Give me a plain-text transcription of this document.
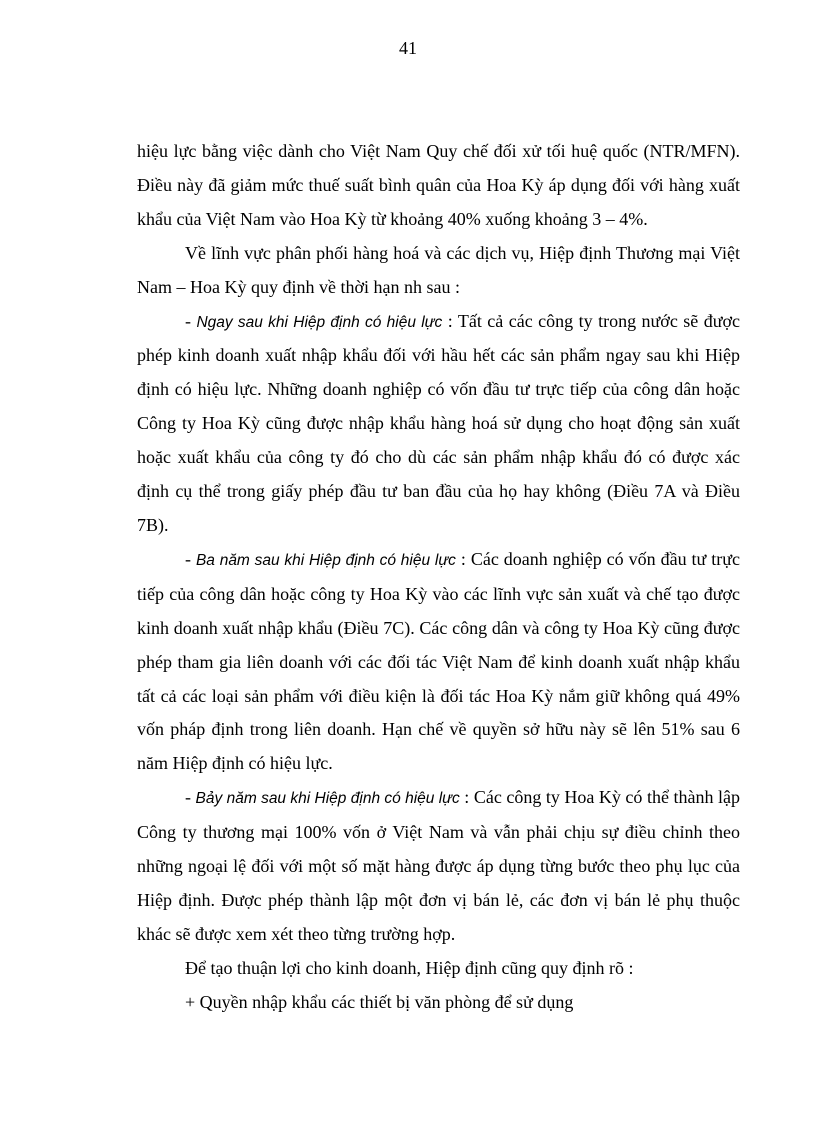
41

hiệu lực bằng việc dành cho Việt Nam Quy chế đối xử tối huệ quốc (NTR/MFN). Điều này đã giảm mức thuế suất bình quân của Hoa Kỳ áp dụng đối với hàng xuất khẩu của Việt Nam vào Hoa Kỳ từ khoảng 40% xuống khoảng 3 – 4%.

Về lĩnh vực phân phối hàng hoá và các dịch vụ, Hiệp định Thương mại Việt Nam – Hoa Kỳ quy định về thời hạn nh sau :

- Ngay sau khi Hiệp định có hiệu lực : Tất cả các công ty trong nước sẽ được phép kinh doanh xuất nhập khẩu đối với hầu hết các sản phẩm ngay sau khi Hiệp định có hiệu lực. Những doanh nghiệp có vốn đầu tư trực tiếp của công dân hoặc Công ty Hoa Kỳ cũng được nhập khẩu hàng hoá sử dụng cho hoạt động sản xuất hoặc xuất khẩu của công ty đó cho dù các sản phẩm nhập khẩu đó có được xác định cụ thể trong giấy phép đầu tư ban đầu của họ hay không (Điều 7A và Điều 7B).

- Ba năm sau khi Hiệp định có hiệu lực : Các doanh nghiệp có vốn đầu tư trực tiếp của công dân hoặc công ty Hoa Kỳ vào các lĩnh vực sản xuất và chế tạo được kinh doanh xuất nhập khẩu (Điều 7C). Các công dân và công ty Hoa Kỳ cũng được phép tham gia liên doanh với các đối tác Việt Nam để kinh doanh xuất nhập khẩu tất cả các loại sản phẩm với điều kiện là đối tác Hoa Kỳ nắm giữ không quá 49% vốn pháp định trong liên doanh. Hạn chế về quyền sở hữu này sẽ lên 51% sau 6 năm Hiệp định có hiệu lực.

- Bảy năm sau khi Hiệp định có hiệu lực : Các công ty Hoa Kỳ có thể thành lập Công ty thương mại 100% vốn ở Việt Nam và vẫn phải chịu sự điều chỉnh theo những ngoại lệ đối với một số mặt hàng được áp dụng từng bước theo phụ lục của Hiệp định. Được phép thành lập một đơn vị bán lẻ, các đơn vị bán lẻ phụ thuộc khác sẽ được xem xét theo từng trường hợp.

Để tạo thuận lợi cho kinh doanh, Hiệp định cũng quy định rõ :

+ Quyền nhập khẩu các thiết bị văn phòng để sử dụng
